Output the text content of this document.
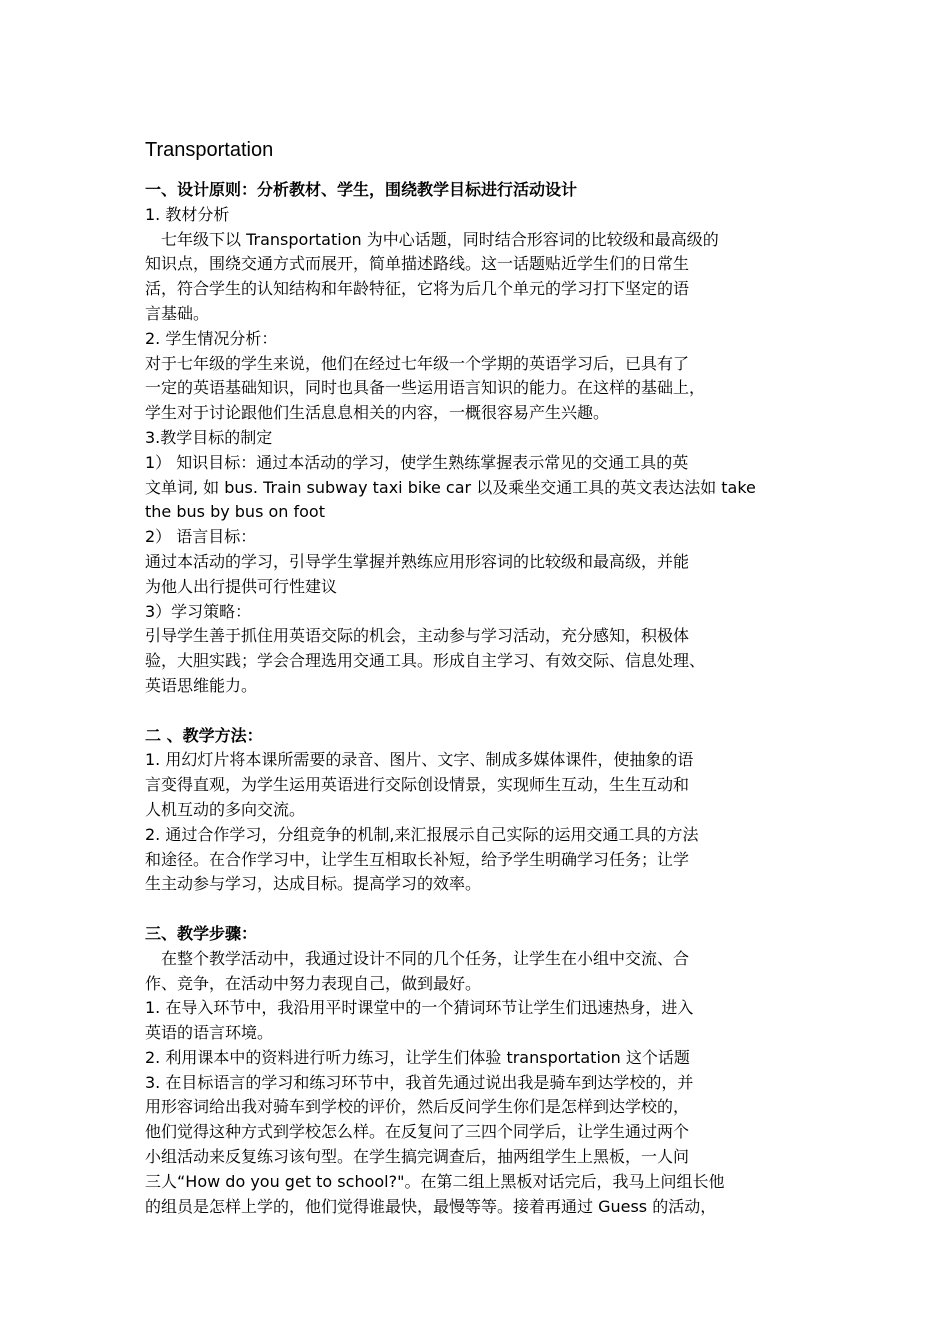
Transportation
一、设计原则：分析教材、学生，围绕教学目标进行活动设计
1. 教材分析
　七年级下以 Transportation 为中心话题，同时结合形容词的比较级和最高级的
知识点，围绕交通方式而展开，简单描述路线。这一话题贴近学生们的日常生
活，符合学生的认知结构和年龄特征，它将为后几个单元的学习打下坚定的语
言基础。
2. 学生情况分析：
对于七年级的学生来说，他们在经过七年级一个学期的英语学习后，已具有了
一定的英语基础知识，同时也具备一些运用语言知识的能力。在这样的基础上，
学生对于讨论跟他们生活息息相关的内容，一概很容易产生兴趣。
3.教学目标的制定
1） 知识目标：通过本活动的学习，使学生熟练掌握表示常见的交通工具的英
文单词, 如 bus. Train subway taxi bike car 以及乘坐交通工具的英文表达法如 take
the bus by bus on foot
2） 语言目标：
通过本活动的学习，引导学生掌握并熟练应用形容词的比较级和最高级，并能
为他人出行提供可行性建议
3）学习策略：
引导学生善于抓住用英语交际的机会，主动参与学习活动，充分感知，积极体
验，大胆实践；学会合理选用交通工具。形成自主学习、有效交际、信息处理、
英语思维能力。
二 、教学方法：
1. 用幻灯片将本课所需要的录音、图片、文字、制成多媒体课件，使抽象的语
言变得直观，为学生运用英语进行交际创设情景，实现师生互动，生生互动和
人机互动的多向交流。
2. 通过合作学习，分组竞争的机制,来汇报展示自己实际的运用交通工具的方法
和途径。在合作学习中，让学生互相取长补短，给予学生明确学习任务；让学
生主动参与学习，达成目标。提高学习的效率。
三、教学步骤：
　在整个教学活动中，我通过设计不同的几个任务，让学生在小组中交流、合
作、竞争，在活动中努力表现自己，做到最好。
1. 在导入环节中，我沿用平时课堂中的一个猜词环节让学生们迅速热身，进入
英语的语言环境。
2. 利用课本中的资料进行听力练习，让学生们体验 transportation 这个话题
3. 在目标语言的学习和练习环节中，我首先通过说出我是骑车到达学校的，并
用形容词给出我对骑车到学校的评价，然后反问学生你们是怎样到达学校的，
他们觉得这种方式到学校怎么样。在反复问了三四个同学后，让学生通过两个
小组活动来反复练习该句型。在学生搞完调查后，抽两组学生上黑板，一人问
三人“How do you get to school?"。在第二组上黑板对话完后，我马上问组长他
的组员是怎样上学的，他们觉得谁最快，最慢等等。接着再通过 Guess 的活动，
